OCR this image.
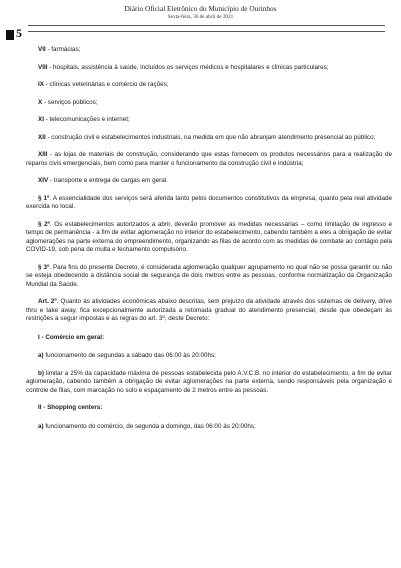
5
Diário Oficial Eletrônico do Município de Ourinhos
Sexta-feira, 30 de abril de 2021

VII - farmácias;

VIII - hospitais, assistência à saúde, incluídos os serviços médicos e hospitalares e clínicas particulares;

IX - clínicas veterinárias e comércio de rações;

X - serviços públicos;

XI - telecomunicações e internet;

XII - construção civil e estabelecimentos industriais, na medida em que não abranjam atendimento presencial ao público;

XIII - as lojas de materiais de construção, considerando que estas fornecem os produtos necessários para a realização de reparos civis emergenciais, bem como para manter o funcionamento da construção civil e indústria;

XIV - transporte e entrega de cargas em geral.

§ 1º. A essencialidade dos serviços será aferida tanto pelos documentos constitutivos da empresa, quanto pela real atividade exercida no local.

§ 2º. Os estabelecimentos autorizados a abrir, deverão promover as medidas necessárias – como limitação de ingresso e tempo de permanência - a fim de evitar aglomeração no interior do estabelecimento, cabendo também a eles a obrigação de evitar aglomerações na parte externa do empreendimento, organizando as filas de acordo com as medidas de combate ao contágio pela COVID-19, sob pena de multa e fechamento compulsório.

§ 3º. Para fins do presente Decreto, é considerada aglomeração qualquer agrupamento no qual não se possa garantir ou não se esteja obedecendo a distância social de segurança de dois metros entre as pessoas, conforme normatização da Organização Mundial da Saúde.

Art. 2º. Quanto às atividades econômicas abaixo descritas, sem prejuízo da atividade através dos sistemas de delivery, drive thru e take away, fica excepcionalmente autorizada a retomada gradual do atendimento presencial, desde que obedeçam às restrições a seguir impostas e as regras do art. 3º, deste Decreto:

I - Comércio em geral:

a) funcionamento de segundas a sábado das 06:00 às 20:00hs;

b) limitar a 25% da capacidade máxima de pessoas estabelecida pelo A.V.C.B. no interior do estabelecimento, a fim de evitar aglomeração, cabendo também a obrigação de evitar aglomerações na parte externa, sendo responsáveis pela organização e controle de filas, com marcação no solo e espaçamento de 2 metros entre as pessoas.

II - Shopping centers:

a) funcionamento do comércio, de segunda a domingo, das 06:00 às 20:00hs;
